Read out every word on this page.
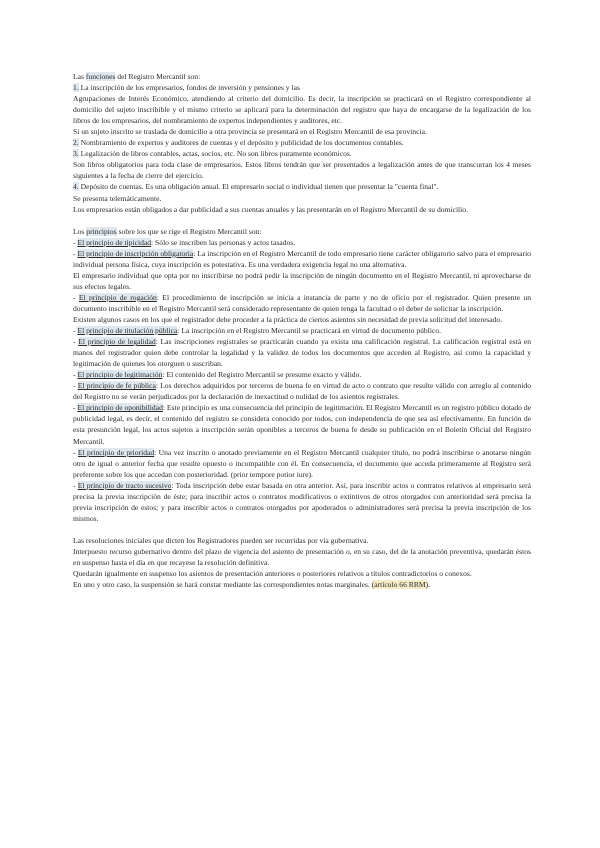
Las funciones del Registro Mercantil son:

1. La inscripción de los empresarios, fondos de inversión y pensiones y las

Agrupaciones de Interés Económico, atendiendo al criterio del domicilio. Es decir, la inscripción se practicará en el Registro correspondiente al domicilio del sujeto inscribible y el mismo criterio se aplicará para la determinación del registro que haya de encargarse de la legalización de los libros de los empresarios, del nombramiento de expertos independientes y auditores, etc.

Si un sujeto inscrito se traslada de domicilio a otra provincia se presentará en el Registro Mercantil de esa provincia.

2. Nombramiento de expertos y auditores de cuentas y el depósito y publicidad de los documentos contables.

3. Legalización de libros contables, actas, socios, etc. No son libros puramente económicos.

Son libros obligatorios para toda clase de empresarios. Estos libros tendrán que ser presentados a legalización antes de que transcurran los 4 meses siguientes a la fecha de cierre del ejercicio.

4. Depósito de cuentas. Es una obligación anual. El empresario social o individual tienen que presentar la "cuenta final".

Se presenta telemáticamente.

Los empresarios están obligados a dar publicidad a sus cuentas anuales y las presentarán en el Registro Mercantil de su domicilio.

Los principios sobre los que se rige el Registro Mercantil son:

- El principio de tipicidad: Sólo se inscriben las personas y actos tasados.

- El principio de inscripción obligatoria: La inscripción en el Registro Mercantil de todo empresario tiene carácter obligatorio salvo para el empresario individual persona física, cuya inscripción es potestativa. Es una verdadera exigencia legal no una alternativa.

El empresario individual que opta por no inscribirse no podrá pedir la inscripción de ningún documento en el Registro Mercantil, ni aprovecharse de sus efectos legales.

- El principio de rogación: El procedimiento de inscripción se inicia a instancia de parte y no de oficio por el registrador. Quien presente un documento inscribible en el Registro Mercantil será considerado representante de quien tenga la facultad o el deber de solicitar la inscripción.

Existen algunos casos en los que el registrador debe proceder a la práctica de ciertos asientos sin necesidad de previa solicitud del interesado.

- El principio de titulación pública: La inscripción en el Registro Mercantil se practicará en virtud de documento público.

- El principio de legalidad: Las inscripciones registrales se practicarán cuando ya exista una calificación registral. La calificación registral está en manos del registrador quien debe controlar la legalidad y la validez de todos los documentos que acceden al Registro, así como la capacidad y legitimación de quienes los otorguen o suscriban.

- El principio de legitimación: El contenido del Registro Mercantil se presume exacto y válido.

- El principio de fe pública: Los derechos adquiridos por terceros de buena fe en virtud de acto o contrato que resulte válido con arreglo al contenido del Registro no se verán perjudicados por la declaración de inexactitud o nulidad de los asientos registrales.

- El principio de oponibilidad: Este principio es una consecuencia del principio de legitimación. El Registro Mercantil es un registro público dotado de publicidad legal, es decir, el contenido del registro se considera conocido por todos, con independencia de que sea así efectivamente. En función de esta presunción legal, los actos sujetos a inscripción serán oponibles a terceros de buena fe desde su publicación en el Boletín Oficial del Registro Mercantil.

- El principio de prioridad: Una vez inscrito o anotado previamente en el Registro Mercantil cualquier título, no podrá inscribirse o anotarse ningún otro de igual o anterior fecha que resulte opuesto o incompatible con él. En consecuencia, el documento que acceda primeramente al Registro será preferente sobre los que accedan con posterioridad. (prior tempore potior iure).

- El principio de tracto sucesivo: Toda inscripción debe estar basada en otra anterior. Así, para inscribir actos o contratos relativos al empresario será precisa la previa inscripción de éste; para inscribir actos o contratos modificativos o extintivos de otros otorgados con anterioridad será precisa la previa inscripción de estos; y para inscribir actos o contratos otorgados por apoderados o administradores será precisa la previa inscripción de los mismos.

Las resoluciones iniciales que dicten los Registradores pueden ser recurridas por vía gubernativa.

Interpuesto recurso gubernativo dentro del plazo de vigencia del asiento de presentación o, en su caso, del de la anotación preventiva, quedarán éstos en suspenso hasta el día en que recayese la resolución definitiva.

Quedarán igualmente en suspenso los asientos de presentación anteriores o posteriores relativos a títulos contradictorios o conexos.

En uno y otro caso, la suspensión se hará constar mediante las correspondientes notas marginales. (artículo 66 RRM).
